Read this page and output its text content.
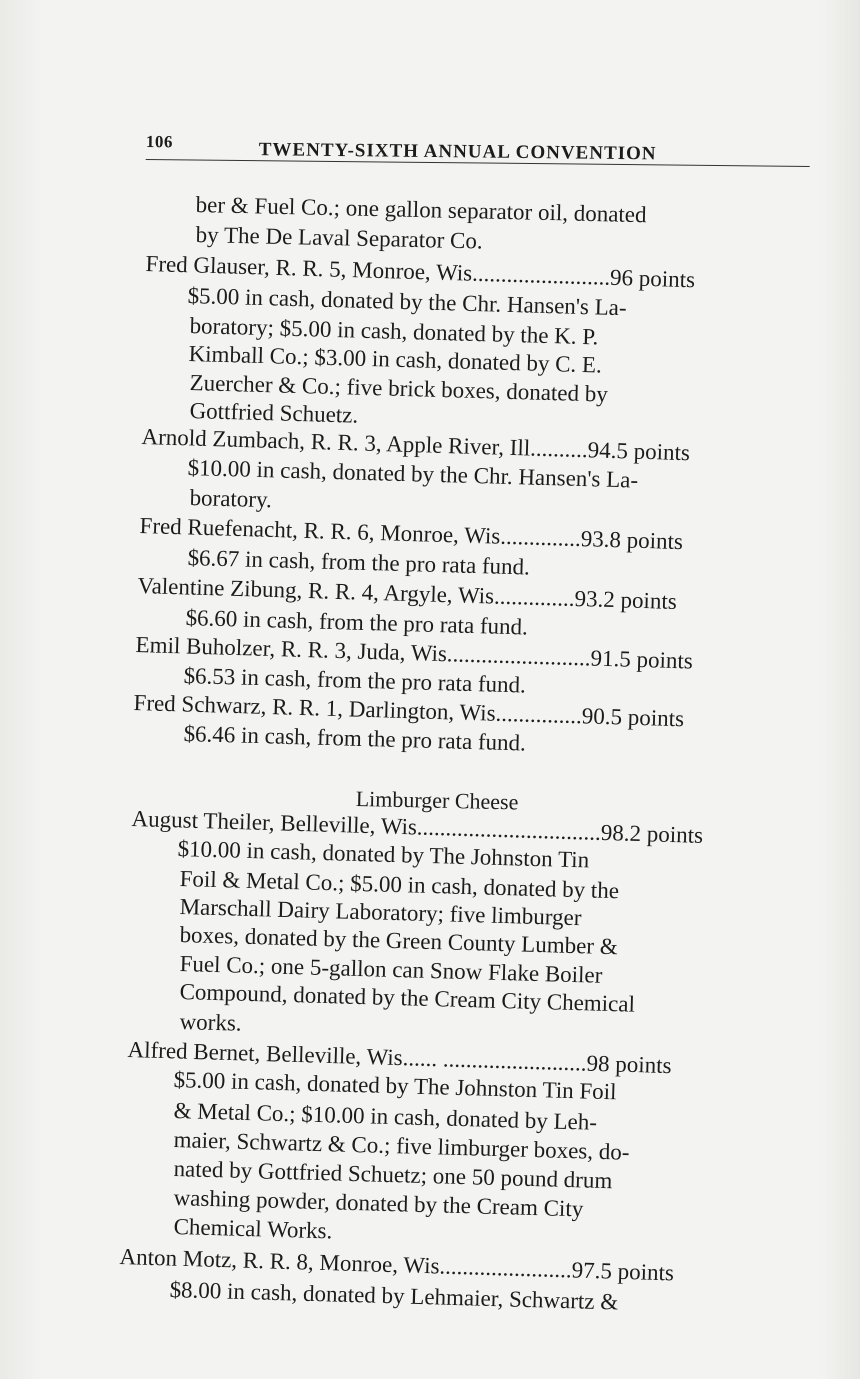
106	TWENTY-SIXTH ANNUAL CONVENTION
ber & Fuel Co.; one gallon separator oil, donated
by The De Laval Separator Co.
Fred Glauser, R. R. 5, Monroe, Wis........................96 points
$5.00 in cash, donated by the Chr. Hansen's La-
boratory; $5.00 in cash, donated by the K. P.
Kimball Co.; $3.00 in cash, donated by C. E.
Zuercher & Co.; five brick boxes, donated by
Gottfried Schuetz.
Arnold Zumbach, R. R. 3, Apple River, Ill..........94.5 points
$10.00 in cash, donated by the Chr. Hansen's La-
boratory.
Fred Ruefenacht, R. R. 6, Monroe, Wis..............93.8 points
$6.67 in cash, from the pro rata fund.
Valentine Zibung, R. R. 4, Argyle, Wis..............93.2 points
$6.60 in cash, from the pro rata fund.
Emil Buholzer, R. R. 3, Juda, Wis.........................91.5 points
$6.53 in cash, from the pro rata fund.
Fred Schwarz, R. R. 1, Darlington, Wis...............90.5 points
$6.46 in cash, from the pro rata fund.
Limburger Cheese
August Theiler, Belleville, Wis................................98.2 points
$10.00 in cash, donated by The Johnston Tin
Foil & Metal Co.; $5.00 in cash, donated by the
Marschall Dairy Laboratory; five limburger
boxes, donated by the Green County Lumber &
Fuel Co.; one 5-gallon can Snow Flake Boiler
Compound, donated by the Cream City Chemical
works.
Alfred Bernet, Belleville, Wis...... .........................98 points
$5.00 in cash, donated by The Johnston Tin Foil
& Metal Co.; $10.00 in cash, donated by Leh-
maier, Schwartz & Co.; five limburger boxes, do-
nated by Gottfried Schuetz; one 50 pound drum
washing powder, donated by the Cream City
Chemical Works.
Anton Motz, R. R. 8, Monroe, Wis.......................97.5 points
$8.00 in cash, donated by Lehmaier, Schwartz &
